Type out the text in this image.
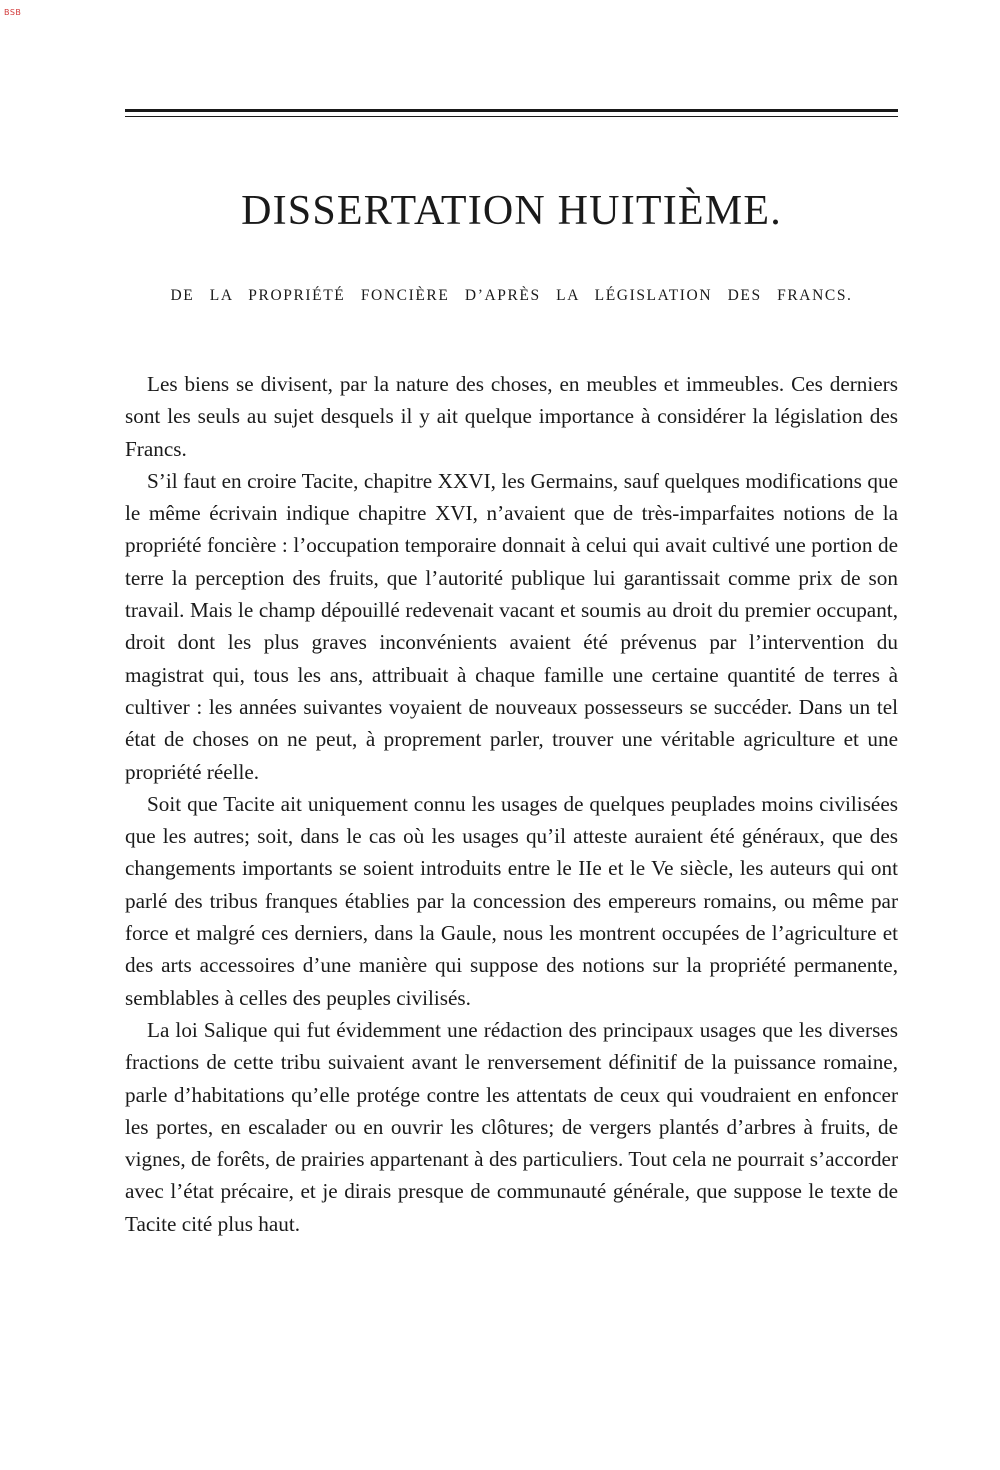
BSB
DISSERTATION HUITIÈME.
DE LA PROPRIÉTÉ FONCIÈRE D’APRÈS LA LÉGISLATION DES FRANCS.

Les biens se divisent, par la nature des choses, en meubles et immeubles. Ces derniers sont les seuls au sujet desquels il y ait quelque importance à considérer la législation des Francs.

S’il faut en croire Tacite, chapitre XXVI, les Germains, sauf quelques modifications que le même écrivain indique chapitre XVI, n’avaient que de très-imparfaites notions de la propriété foncière : l’occupation temporaire donnait à celui qui avait cultivé une portion de terre la perception des fruits, que l’autorité publique lui garantissait comme prix de son travail. Mais le champ dépouillé redevenait vacant et soumis au droit du premier occupant, droit dont les plus graves inconvénients avaient été prévenus par l’intervention du magistrat qui, tous les ans, attribuait à chaque famille une certaine quantité de terres à cultiver : les années suivantes voyaient de nouveaux possesseurs se succéder. Dans un tel état de choses on ne peut, à proprement parler, trouver une véritable agriculture et une propriété réelle.

Soit que Tacite ait uniquement connu les usages de quelques peuplades moins civilisées que les autres; soit, dans le cas où les usages qu’il atteste auraient été généraux, que des changements importants se soient introduits entre le IIe et le Ve siècle, les auteurs qui ont parlé des tribus franques établies par la concession des empereurs romains, ou même par force et malgré ces derniers, dans la Gaule, nous les montrent occupées de l’agriculture et des arts accessoires d’une manière qui suppose des notions sur la propriété permanente, semblables à celles des peuples civilisés.

La loi Salique qui fut évidemment une rédaction des principaux usages que les diverses fractions de cette tribu suivaient avant le renversement définitif de la puissance romaine, parle d’habitations qu’elle protége contre les attentats de ceux qui voudraient en enfoncer les portes, en escalader ou en ouvrir les clôtures; de vergers plantés d’arbres à fruits, de vignes, de forêts, de prairies appartenant à des particuliers. Tout cela ne pourrait s’accorder avec l’état précaire, et je dirais presque de communauté générale, que suppose le texte de Tacite cité plus haut.
